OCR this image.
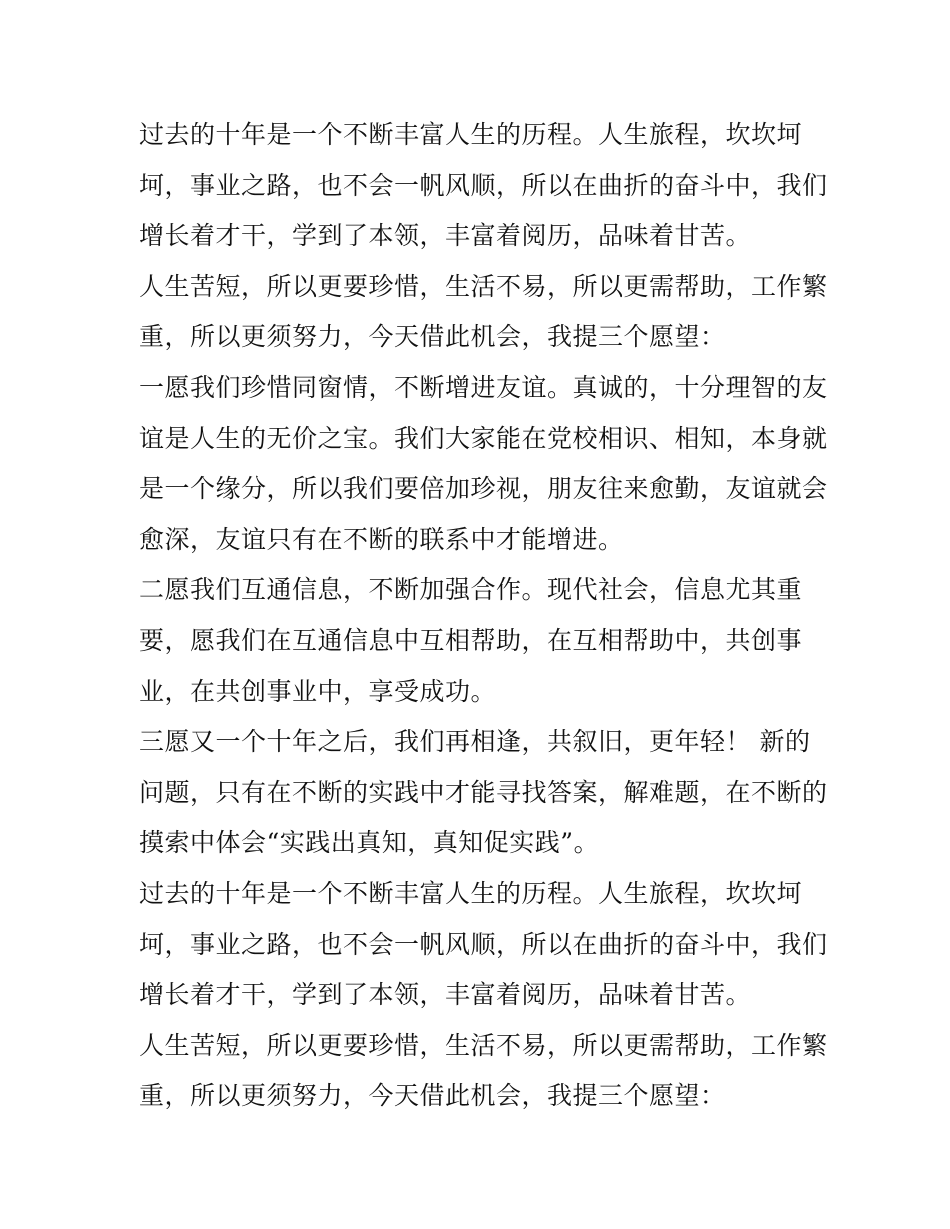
过去的十年是一个不断丰富人生的历程。人生旅程，坎坎坷
坷，事业之路，也不会一帆风顺，所以在曲折的奋斗中，我们
增长着才干，学到了本领，丰富着阅历，品味着甘苦。
人生苦短，所以更要珍惜，生活不易，所以更需帮助，工作繁
重，所以更须努力，今天借此机会，我提三个愿望：
一愿我们珍惜同窗情，不断增进友谊。真诚的，十分理智的友
谊是人生的无价之宝。我们大家能在党校相识、相知，本身就
是一个缘分，所以我们要倍加珍视，朋友往来愈勤，友谊就会
愈深，友谊只有在不断的联系中才能增进。
二愿我们互通信息，不断加强合作。现代社会，信息尤其重
要，愿我们在互通信息中互相帮助，在互相帮助中，共创事
业，在共创事业中，享受成功。
三愿又一个十年之后，我们再相逢，共叙旧，更年轻！ 新的
问题，只有在不断的实践中才能寻找答案，解难题，在不断的
摸索中体会“实践出真知，真知促实践”。
过去的十年是一个不断丰富人生的历程。人生旅程，坎坎坷
坷，事业之路，也不会一帆风顺，所以在曲折的奋斗中，我们
增长着才干，学到了本领，丰富着阅历，品味着甘苦。
人生苦短，所以更要珍惜，生活不易，所以更需帮助，工作繁
重，所以更须努力，今天借此机会，我提三个愿望：
